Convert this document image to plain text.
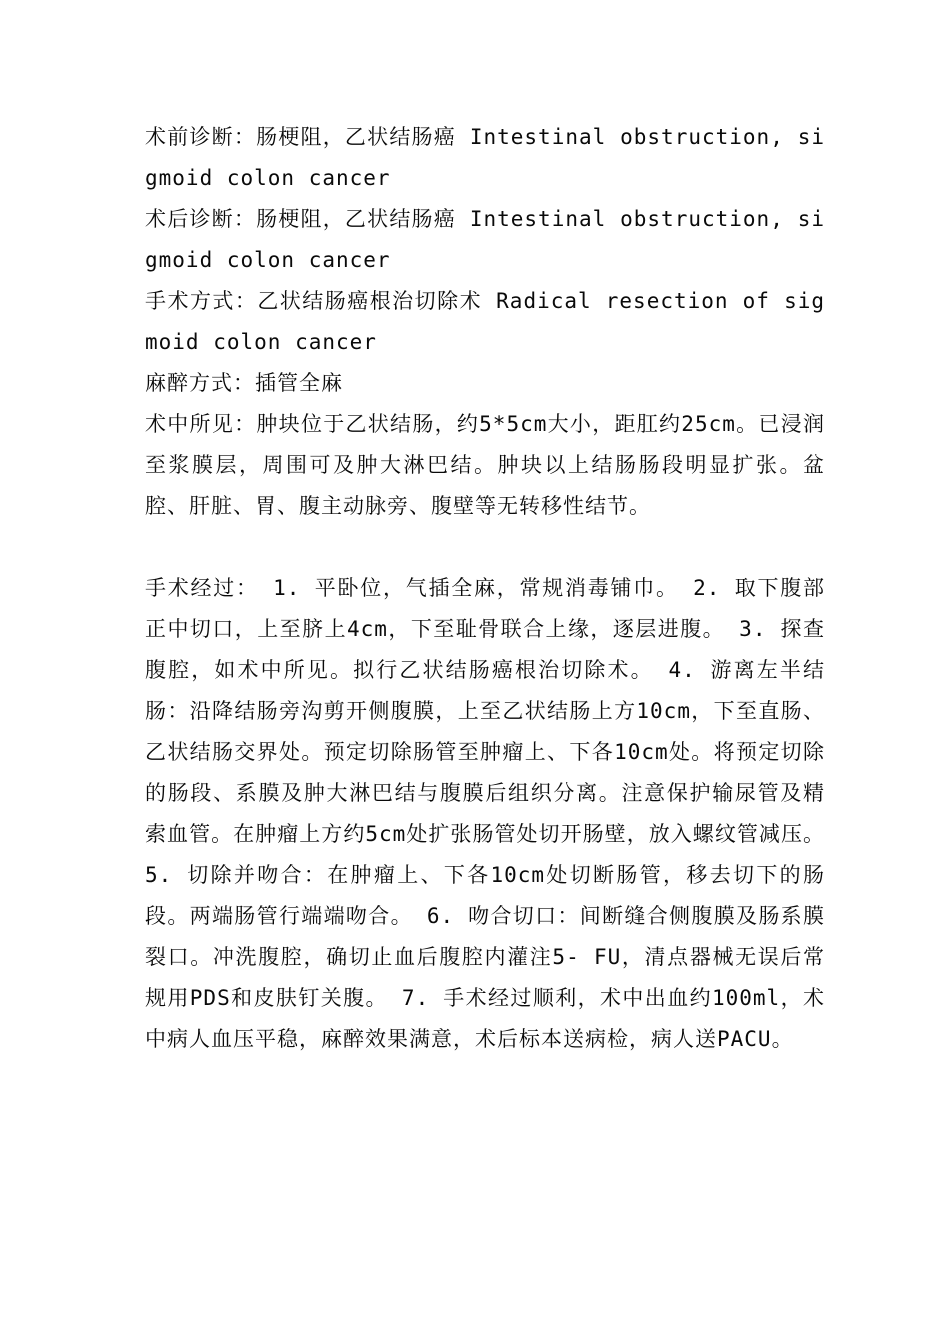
术前诊断：肠梗阻，乙状结肠癌 Intestinal obstruction, sigmoid colon cancer

术后诊断：肠梗阻，乙状结肠癌 Intestinal obstruction, sigmoid colon cancer

手术方式：乙状结肠癌根治切除术 Radical resection of sigmoid colon cancer

麻醉方式：插管全麻

术中所见：肿块位于乙状结肠，约5*5cm大小，距肛约25cm。已浸润至浆膜层，周围可及肿大淋巴结。肿块以上结肠肠段明显扩张。盆腔、肝脏、胃、腹主动脉旁、腹壁等无转移性结节。

手术经过： 1. 平卧位，气插全麻，常规消毒铺巾。 2. 取下腹部正中切口，上至脐上4cm，下至耻骨联合上缘，逐层进腹。 3. 探查腹腔，如术中所见。拟行乙状结肠癌根治切除术。 4. 游离左半结肠：沿降结肠旁沟剪开侧腹膜，上至乙状结肠上方10cm，下至直肠、乙状结肠交界处。预定切除肠管至肿瘤上、下各10cm处。将预定切除的肠段、系膜及肿大淋巴结与腹膜后组织分离。注意保护输尿管及精索血管。在肿瘤上方约5cm处扩张肠管处切开肠壁，放入螺纹管减压。 5. 切除并吻合：在肿瘤上、下各10cm处切断肠管，移去切下的肠段。两端肠管行端端吻合。 6. 吻合切口：间断缝合侧腹膜及肠系膜裂口。冲洗腹腔，确切止血后腹腔内灌注5- FU，清点器械无误后常规用PDS和皮肤钉关腹。 7. 手术经过顺利，术中出血约100ml，术中病人血压平稳，麻醉效果满意，术后标本送病检，病人送PACU。
